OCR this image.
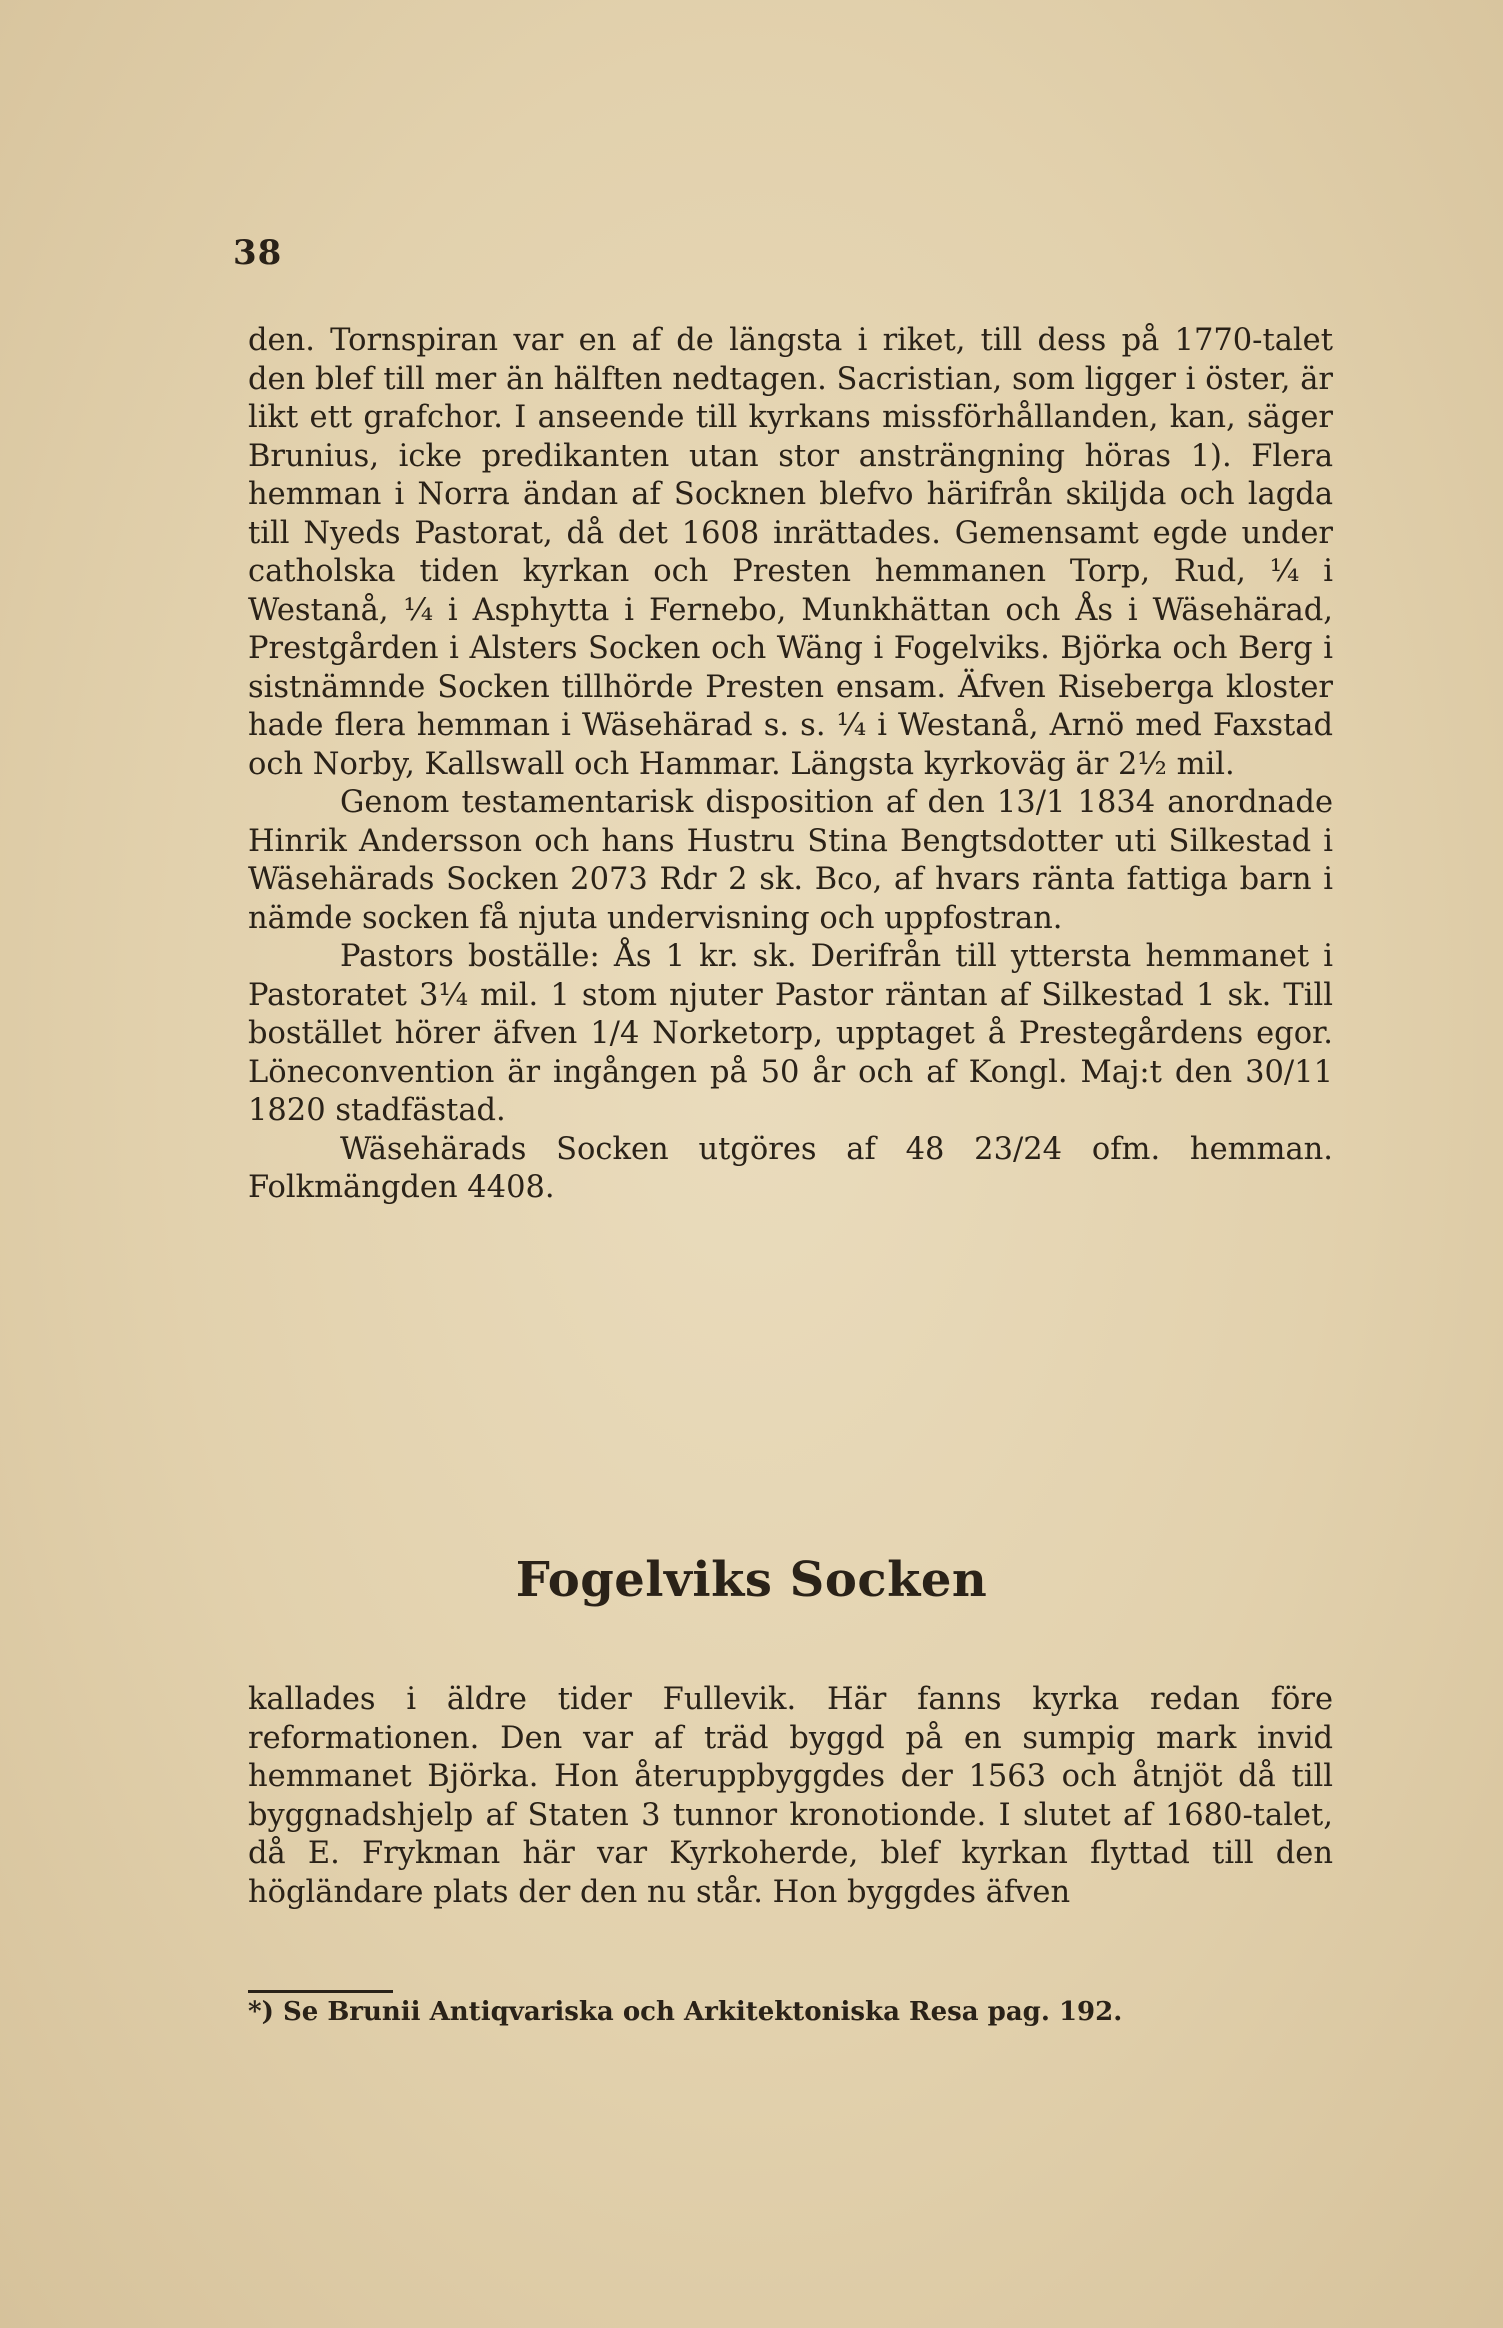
38

den. Tornspiran var en af de längsta i riket, till dess på 1770-talet den blef till mer än hälften nedtagen. Sacristian, som ligger i öster, är likt ett grafchor. I anseende till kyrkans missförhållanden, kan, säger Brunius, icke predikanten utan stor ansträngning höras 1). Flera hemman i Norra ändan af Socknen blefvo härifrån skiljda och lagda till Nyeds Pastorat, då det 1608 inrättades. Gemensamt egde under catholska tiden kyrkan och Presten hemmanen Torp, Rud, ¼ i Westanå, ¼ i Asphytta i Fernebo, Munkhättan och Ås i Wäsehärad, Prestgården i Alsters Socken och Wäng i Fogelviks. Björka och Berg i sistnämnde Socken tillhörde Presten ensam. Äfven Riseberga kloster hade flera hemman i Wäsehärad s. s. ¼ i Westanå, Arnö med Faxstad och Norby, Kallswall och Hammar. Längsta kyrkoväg är 2½ mil.

Genom testamentarisk disposition af den 13/1 1834 anordnade Hinrik Andersson och hans Hustru Stina Bengtsdotter uti Silkestad i Wäsehärads Socken 2073 Rdr 2 sk. Bco, af hvars ränta fattiga barn i nämde socken få njuta undervisning och uppfostran.

Pastors boställe: Ås 1 kr. sk. Derifrån till yttersta hemmanet i Pastoratet 3¼ mil. 1 stom njuter Pastor räntan af Silkestad 1 sk. Till bostället hörer äfven 1/4 Norketorp, upptaget å Prestegårdens egor. Löneconvention är ingången på 50 år och af Kongl. Maj:t den 30/11 1820 stadfästad.

Wäsehärads Socken utgöres af 48 23/24 ofm. hemman. Folkmängden 4408.

Fogelviks Socken

kallades i äldre tider Fullevik. Här fanns kyrka redan före reformationen. Den var af träd byggd på en sumpig mark invid hemmanet Björka. Hon återuppbyggdes der 1563 och åtnjöt då till byggnadshjelp af Staten 3 tunnor kronotionde. I slutet af 1680-talet, då E. Frykman här var Kyrkoherde, blef kyrkan flyttad till den högländare plats der den nu står. Hon byggdes äfven

*) Se Brunii Antiqvariska och Arkitektoniska Resa pag. 192.
